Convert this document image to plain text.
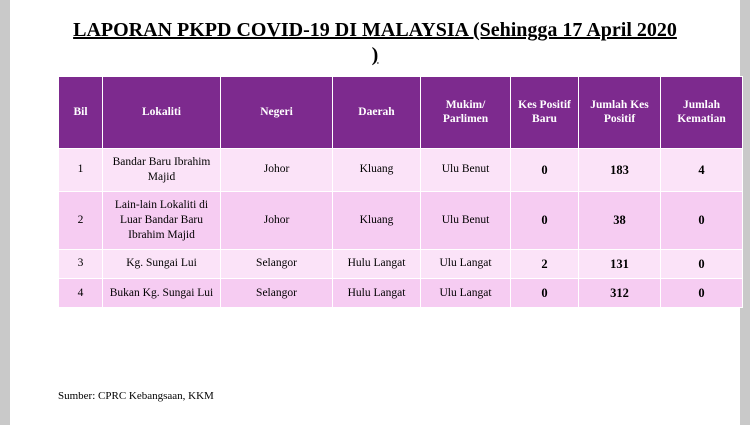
LAPORAN PKPD COVID-19 DI MALAYSIA (Sehingga 17 April 2020 )
Bil	Lokaliti	Negeri	Daerah	Mukim/ Parlimen	Kes Positif Baru	Jumlah Kes Positif	Jumlah Kematian
1	Bandar Baru Ibrahim Majid	Johor	Kluang	Ulu Benut	0	183	4
2	Lain-lain Lokaliti di Luar Bandar Baru Ibrahim Majid	Johor	Kluang	Ulu Benut	0	38	0
3	Kg. Sungai Lui	Selangor	Hulu Langat	Ulu Langat	2	131	0
4	Bukan Kg. Sungai Lui	Selangor	Hulu Langat	Ulu Langat	0	312	0
Sumber: CPRC Kebangsaan, KKM
